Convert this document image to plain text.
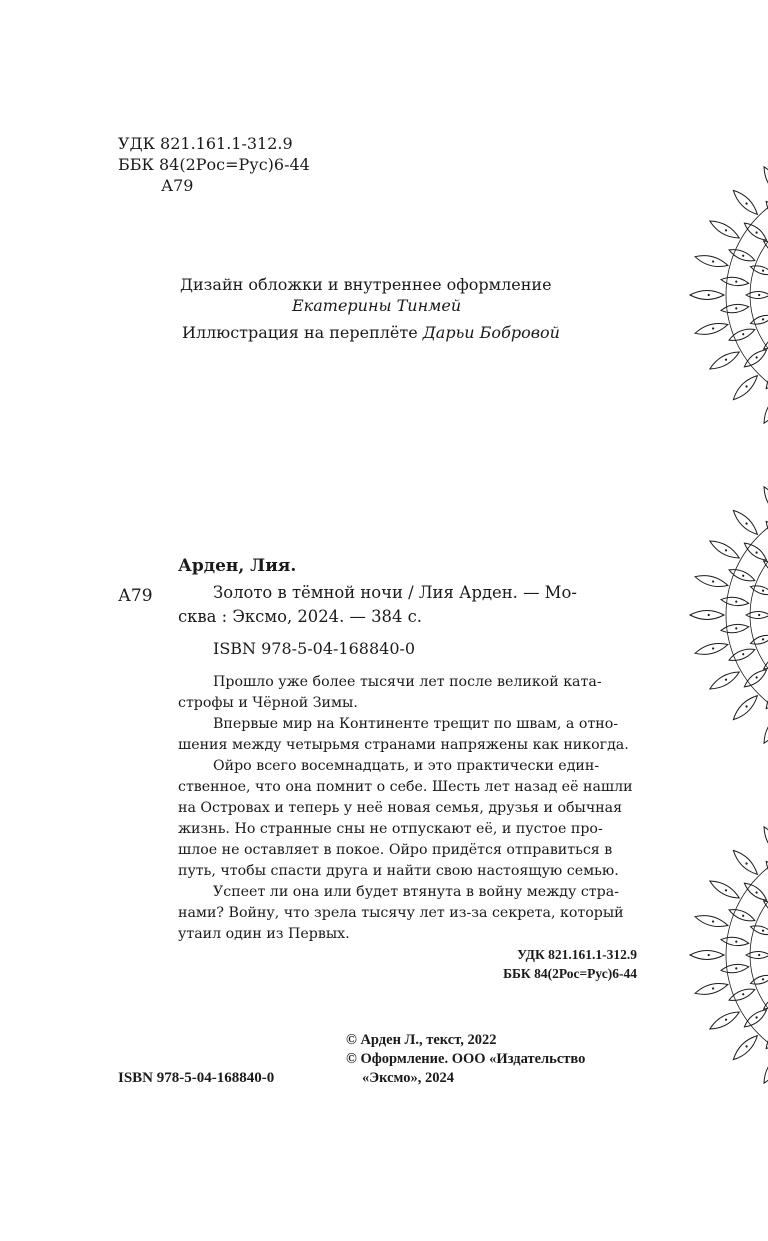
УДК 821.161.1-312.9
ББК 84(2Рос=Рус)6-44
А79
Дизайн обложки и внутреннее оформление
Екатерины Тинмей
Иллюстрация на переплёте Дарьи Бобровой
Арден, Лия.
А79	Золото в тёмной ночи / Лия Арден. — Мо-
сква : Эксмо, 2024. — 384 с.
ISBN 978-5-04-168840-0
Прошло уже более тысячи лет после великой ката-
строфы и Чёрной Зимы.
Впервые мир на Континенте трещит по швам, а отно-
шения между четырьмя странами напряжены как никогда.
Ойро всего восемнадцать, и это практически един-
ственное, что она помнит о себе. Шесть лет назад её нашли
на Островах и теперь у неё новая семья, друзья и обычная
жизнь. Но странные сны не отпускают её, и пустое про-
шлое не оставляет в покое. Ойро придётся отправиться в
путь, чтобы спасти друга и найти свою настоящую семью.
Успеет ли она или будет втянута в войну между стра-
нами? Войну, что зрела тысячу лет из-за секрета, который
утаил один из Первых.
УДК 821.161.1-312.9
ББК 84(2Рос=Рус)6-44
© Арден Л., текст, 2022
© Оформление. ООО «Издательство
«Эксмо», 2024
ISBN 978-5-04-168840-0
